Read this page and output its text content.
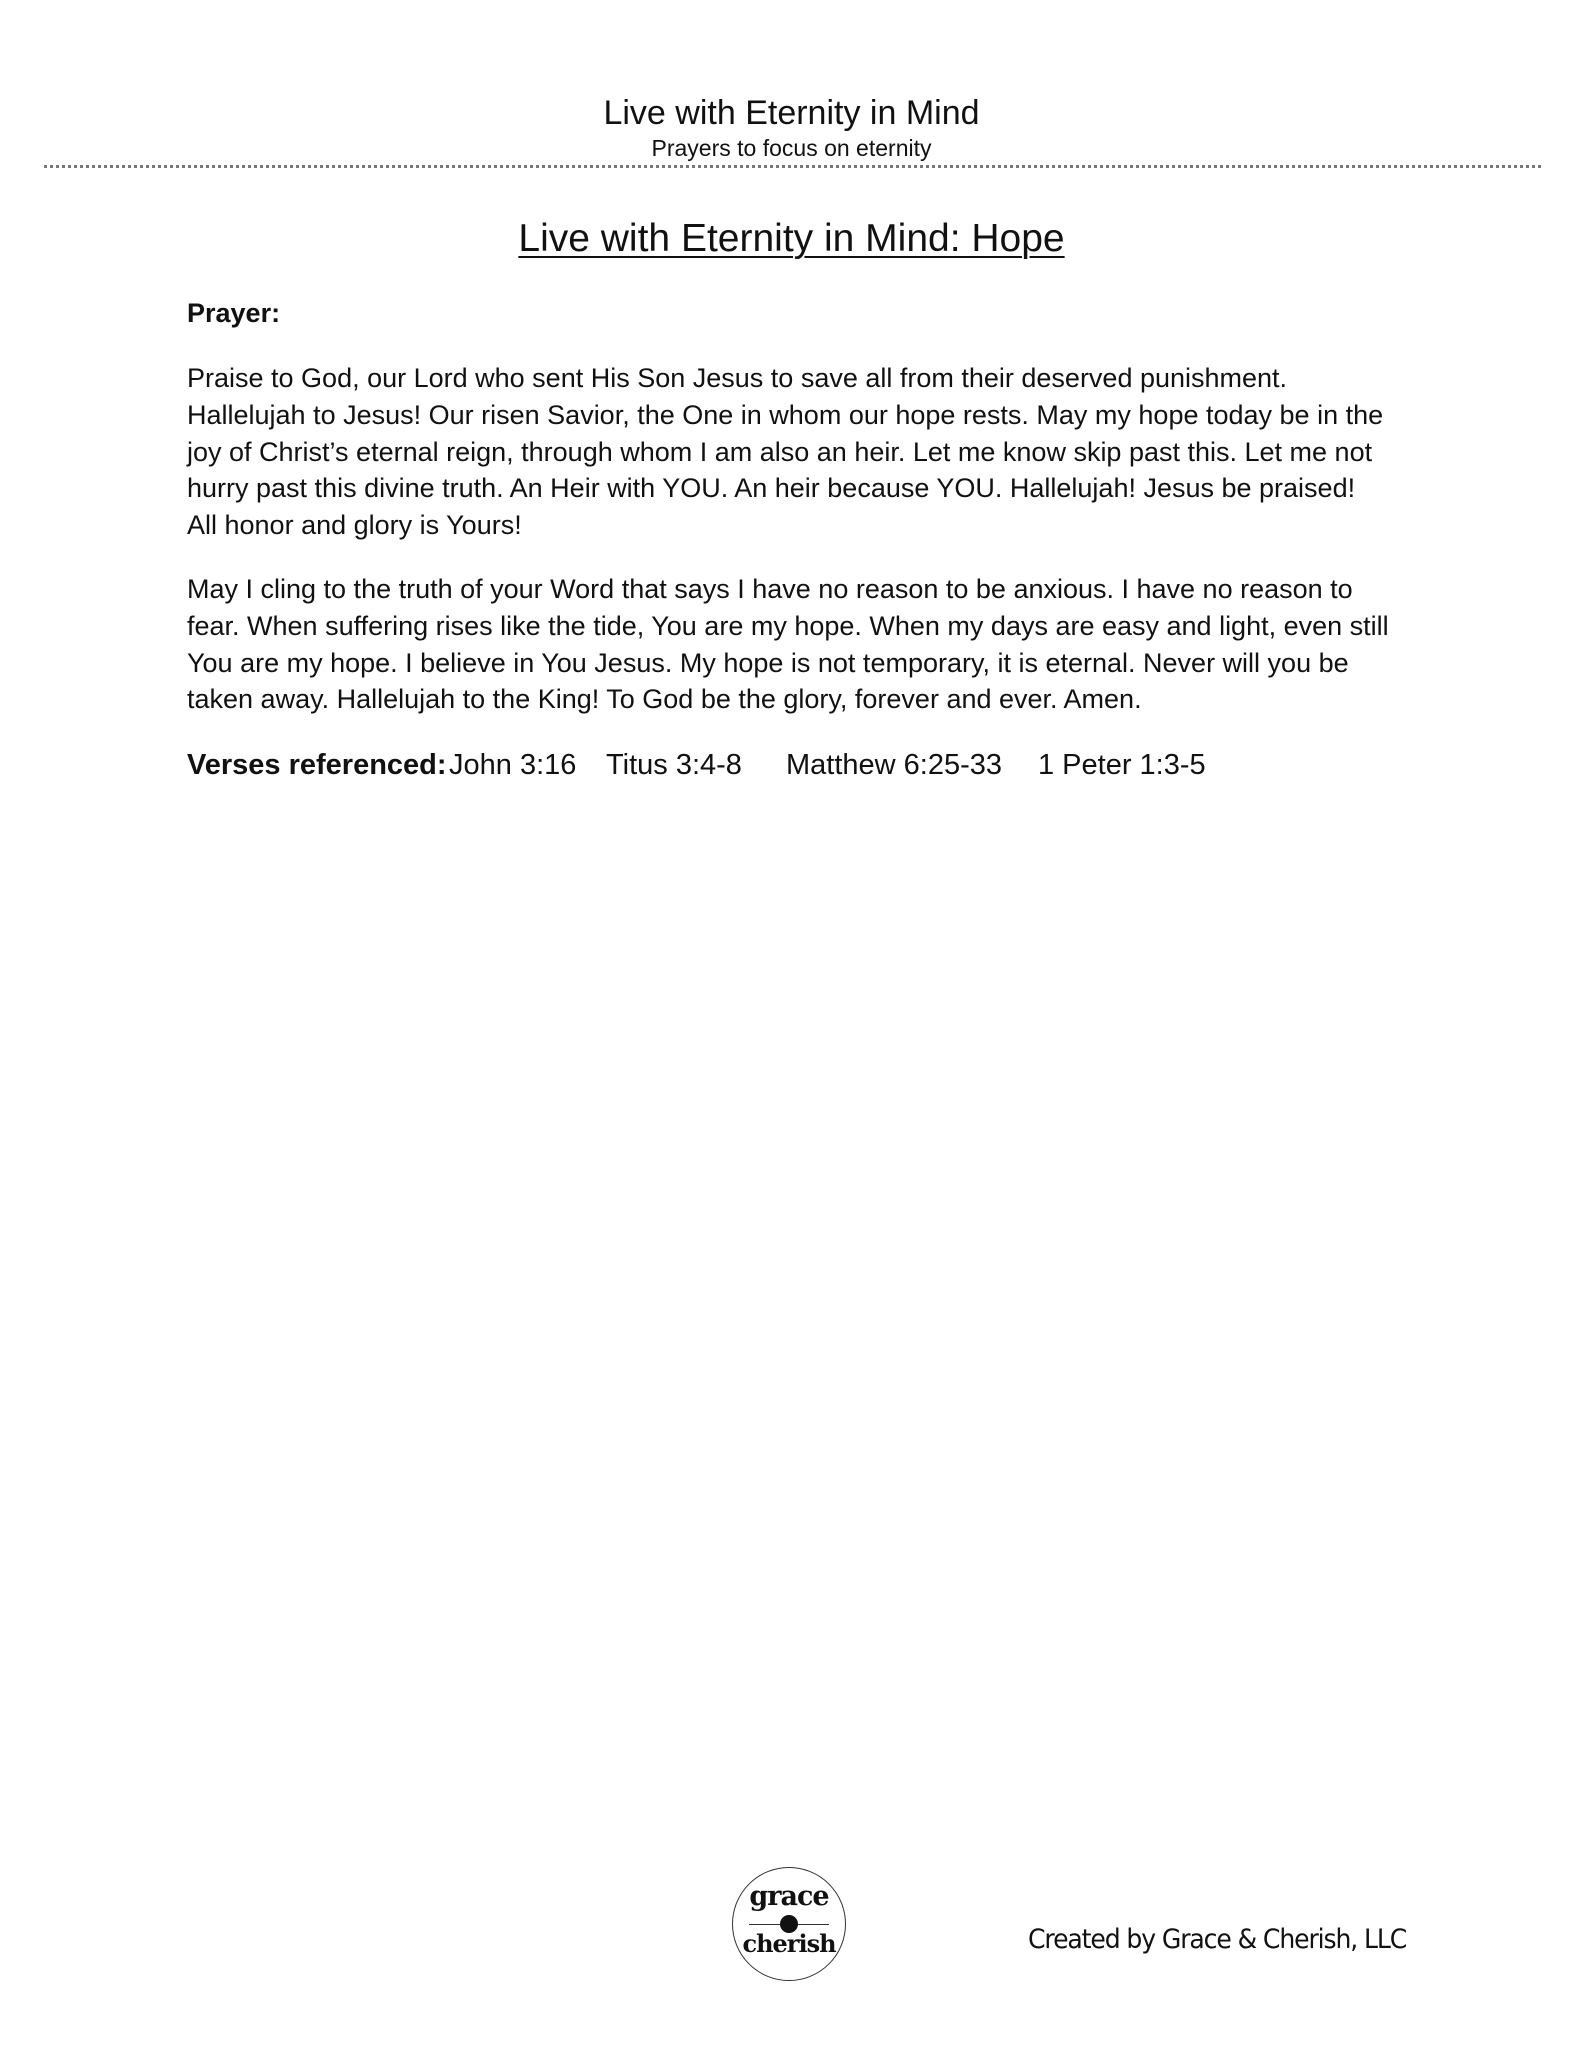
Live with Eternity in Mind
Prayers to focus on eternity
Live with Eternity in Mind: Hope
Prayer:
Praise to God, our Lord who sent His Son Jesus to save all from their deserved punishment.
Hallelujah to Jesus! Our risen Savior, the One in whom our hope rests. May my hope today be in the
joy of Christ’s eternal reign, through whom I am also an heir. Let me know skip past this. Let me not
hurry past this divine truth. An Heir with YOU. An heir because YOU. Hallelujah! Jesus be praised!
All honor and glory is Yours!
May I cling to the truth of your Word that says I have no reason to be anxious. I have no reason to
fear. When suffering rises like the tide, You are my hope. When my days are easy and light, even still
You are my hope. I believe in You Jesus. My hope is not temporary, it is eternal. Never will you be
taken away. Hallelujah to the King! To God be the glory, forever and ever. Amen.
Verses referenced: John 3:16 Titus 3:4-8 Matthew 6:25-33 1 Peter 1:3-5
grace
cherish	Created by Grace & Cherish, LLC
